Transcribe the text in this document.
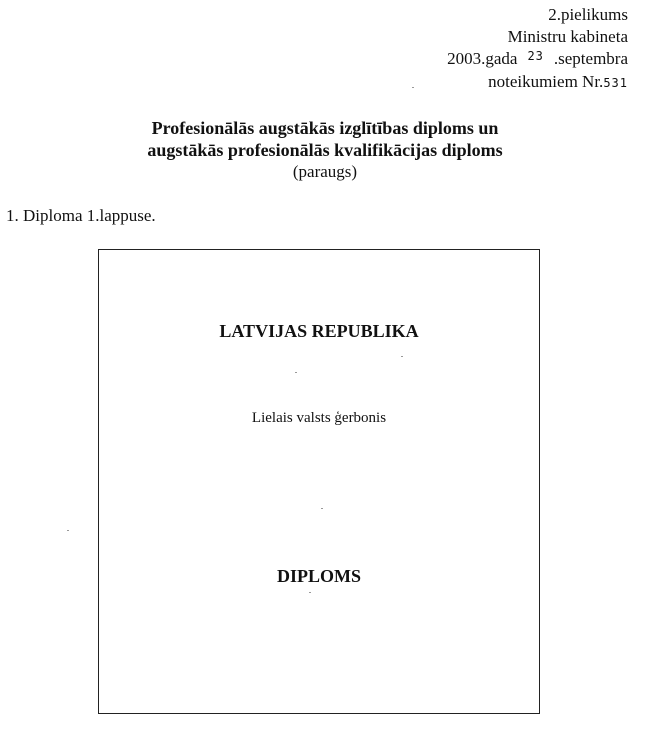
2.pielikums
Ministru kabineta
2003.gada $^{23}$ .septembra
noteikumiem Nr.531
Profesionālās augstākās izglītības diploms un
augstākās profesionālās kvalifikācijas diploms
(paraugs)
1. Diploma 1.lappuse.
LATVIJAS REPUBLIKA
Lielais valsts ģerbonis
DIPLOMS
